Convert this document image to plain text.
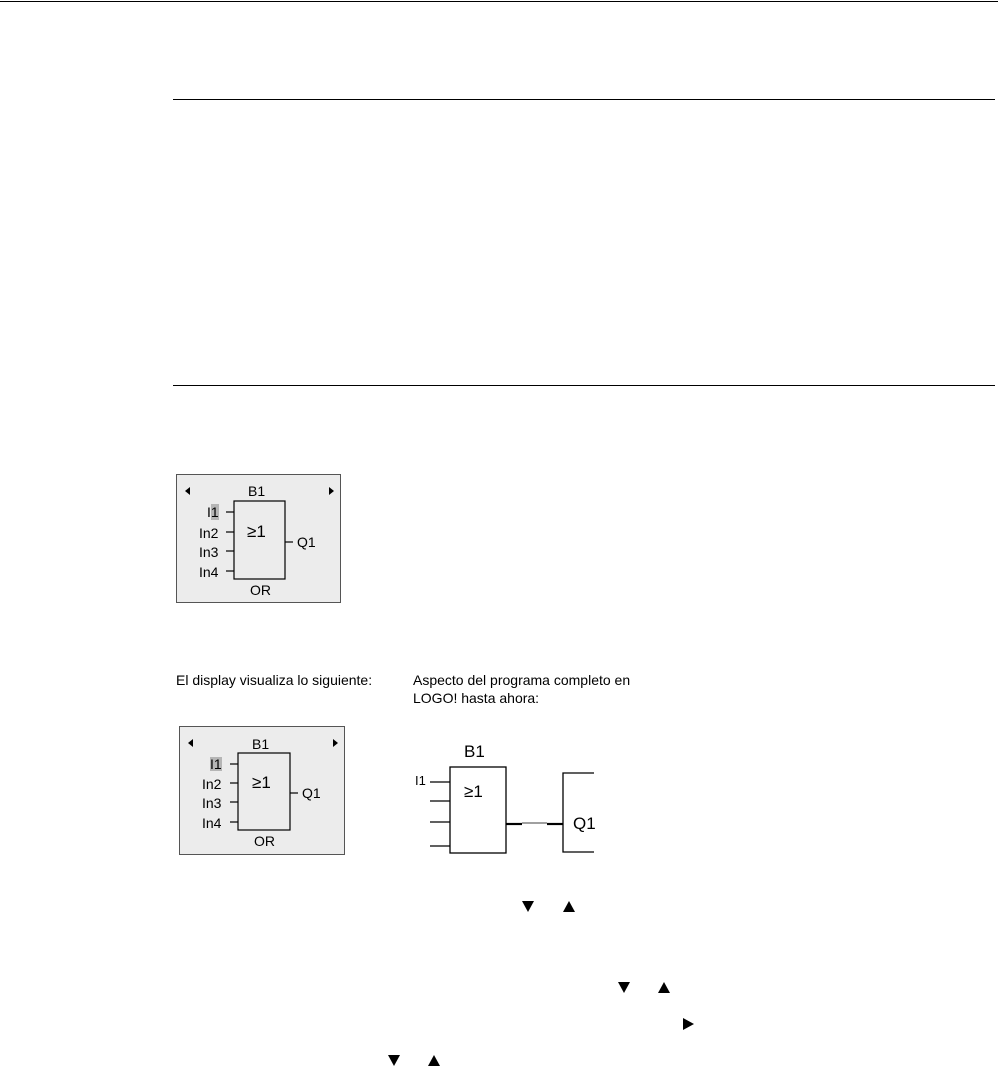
B1
I1
In2
In3
In4
≥1
Q1
OR
El display visualiza lo siguiente:	Aspecto del programa completo en
LOGO! hasta ahora:
B1
I1
In2
In3
In4
≥1
Q1
OR
B1
I1
≥1
Q1
